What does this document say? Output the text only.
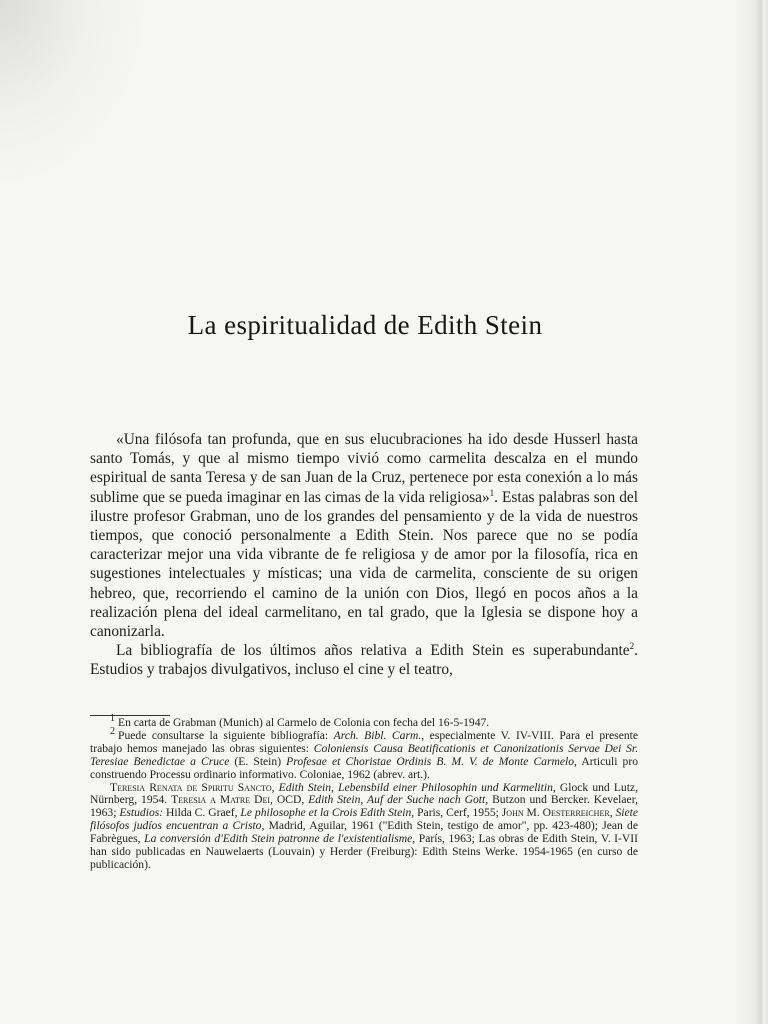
La espiritualidad de Edith Stein

«Una filósofa tan profunda, que en sus elucubraciones ha ido desde Husserl hasta santo Tomás, y que al mismo tiempo vivió como carmelita descalza en el mundo espiritual de santa Teresa y de san Juan de la Cruz, pertenece por esta conexión a lo más sublime que se pueda imaginar en las cimas de la vida religiosa»$^1$. Estas palabras son del ilustre profesor Grabman, uno de los grandes del pensamiento y de la vida de nuestros tiempos, que conoció personalmente a Edith Stein. Nos parece que no se podía caracterizar mejor una vida vibrante de fe religiosa y de amor por la filosofía, rica en sugestiones intelectuales y místicas; una vida de carmelita, consciente de su origen hebreo, que, recorriendo el camino de la unión con Dios, llegó en pocos años a la realización plena del ideal carmelitano, en tal grado, que la Iglesia se dispone hoy a canonizarla.

La bibliografía de los últimos años relativa a Edith Stein es superabundante$^2$. Estudios y trabajos divulgativos, incluso el cine y el teatro,

1 En carta de Grabman (Munich) al Carmelo de Colonia con fecha del 16-5-1947.

2 Puede consultarse la siguiente bibliografía: Arch. Bibl. Carm., especialmente V. IV-VIII. Para el presente trabajo hemos manejado las obras siguientes: Coloniensis Causa Beatificationis et Canonizationis Servae Dei Sr. Teresiae Benedictae a Cruce (E. Stein) Profesae et Choristae Ordinis B. M. V. de Monte Carmelo, Articuli pro construendo Processu ordinario informativo. Coloniae, 1962 (abrev. art.).

Teresia Renata de Spiritu Sancto, Edith Stein, Lebensbild einer Philosophin und Karmelitin, Glock und Lutz, Nürnberg, 1954. Teresia a Matre Dei, OCD, Edith Stein, Auf der Suche nach Gott, Butzon und Bercker. Kevelaer, 1963; Estudios: Hilda C. Graef, Le philosophe et la Crois Edith Stein, Paris, Cerf, 1955; John M. Oesterreicher, Siete filósofos judíos encuentran a Cristo, Madrid, Aguilar, 1961 ("Edith Stein, testigo de amor", pp. 423-480); Jean de Fabrègues, La conversión d'Edith Stein patronne de l'existentialisme, París, 1963; Las obras de Edith Stein, V. I-VII han sido publicadas en Nauwelaerts (Louvain) y Herder (Freiburg): Edith Steins Werke. 1954-1965 (en curso de publicación).
